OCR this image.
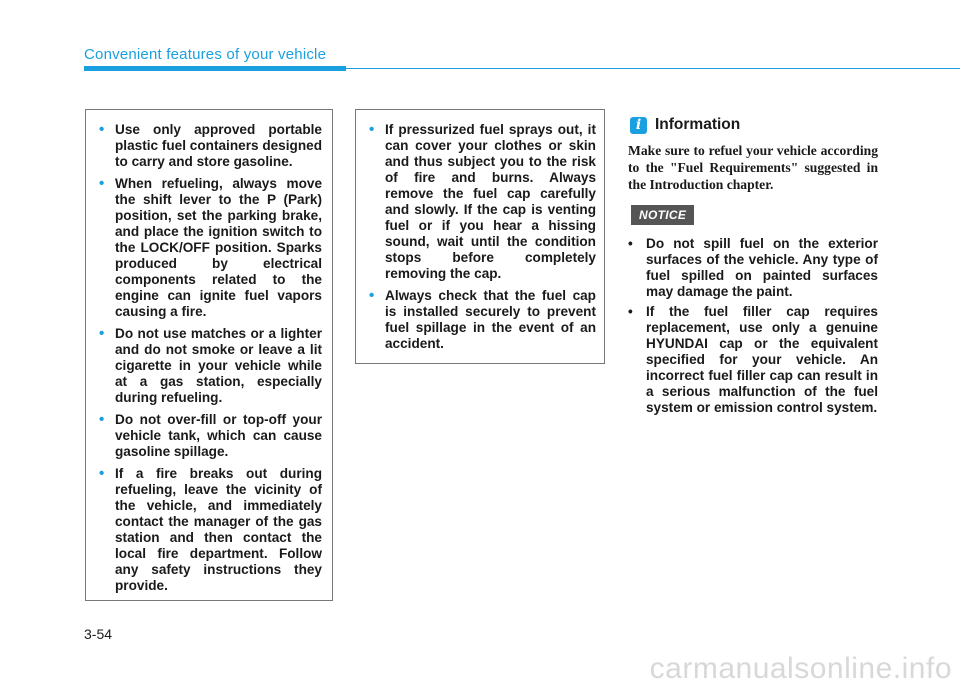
Convenient features of your vehicle
• Use only approved portable plastic fuel containers designed to carry and store gasoline.
• When refueling, always move the shift lever to the P (Park) position, set the parking brake, and place the ignition switch to the LOCK/OFF position. Sparks produced by electrical components related to the engine can ignite fuel vapors causing a fire.
• Do not use matches or a lighter and do not smoke or leave a lit cigarette in your vehicle while at a gas station, especially during refueling.
• Do not over-fill or top-off your vehicle tank, which can cause gasoline spillage.
• If a fire breaks out during refueling, leave the vicinity of the vehicle, and immediately contact the manager of the gas station and then contact the local fire department. Follow any safety instructions they provide.
• If pressurized fuel sprays out, it can cover your clothes or skin and thus subject you to the risk of fire and burns. Always remove the fuel cap carefully and slowly. If the cap is venting fuel or if you hear a hissing sound, wait until the condition stops before completely removing the cap.
• Always check that the fuel cap is installed securely to prevent fuel spillage in the event of an accident.
i Information
Make sure to refuel your vehicle according to the "Fuel Requirements" suggested in the Introduction chapter.
NOTICE
• Do not spill fuel on the exterior surfaces of the vehicle. Any type of fuel spilled on painted surfaces may damage the paint.
• If the fuel filler cap requires replacement, use only a genuine HYUNDAI cap or the equivalent specified for your vehicle. An incorrect fuel filler cap can result in a serious malfunction of the fuel system or emission control system.
3-54
carmanualsonline.info
